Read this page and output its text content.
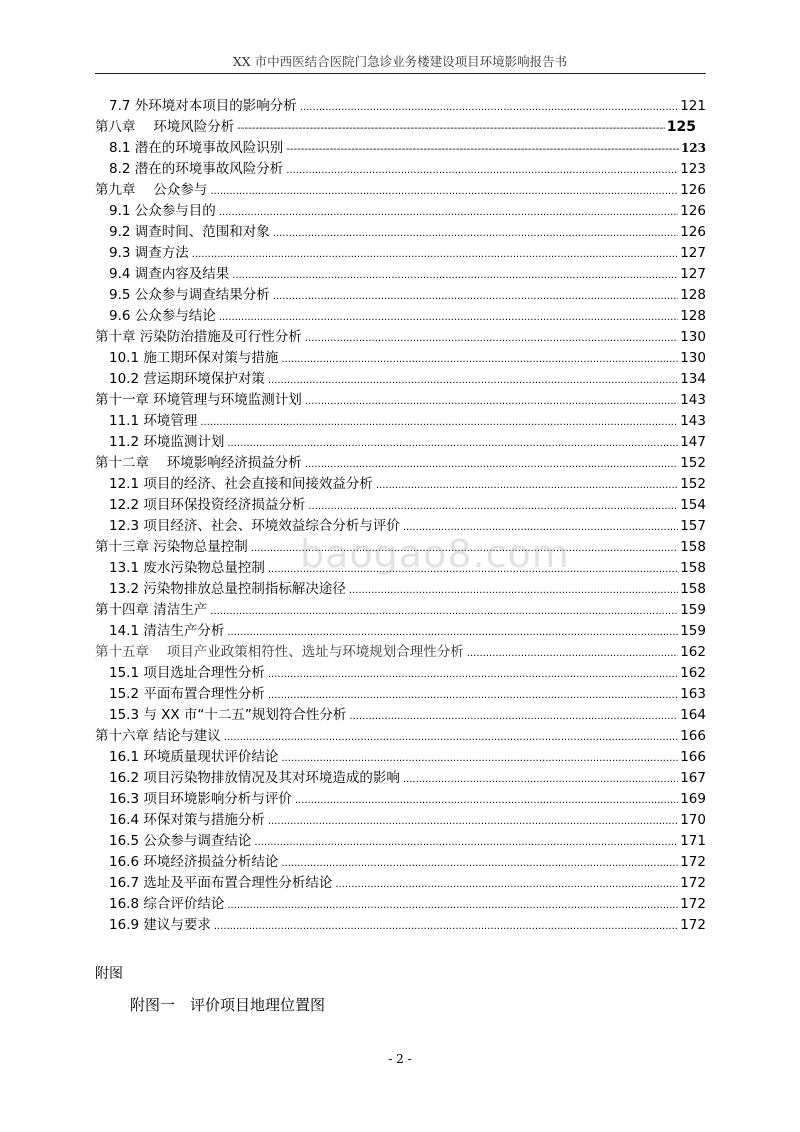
XX 市中西医结合医院门急诊业务楼建设项目环境影响报告书
7.7 外环境对本项目的影响分析 .....	121
第八章　 环境风险分析 -----	125
8.1 潜在的环境事故风险识别 -----	123
8.2 潜在的环境事故风险分析 .....	123
第九章　 公众参与 .....	126
9.1 公众参与目的 .....	126
9.2 调查时间、范围和对象 .....	126
9.3 调查方法 .....	127
9.4 调查内容及结果 .....	127
9.5 公众参与调查结果分析 .....	128
9.6 公众参与结论 .....	128
第十章 污染防治措施及可行性分析 .....	130
10.1 施工期环保对策与措施 .....	130
10.2 营运期环境保护对策 .....	134
第十一章 环境管理与环境监测计划 .....	143
11.1 环境管理 .....	143
11.2 环境监测计划 .....	147
第十二章　 环境影响经济损益分析 .....	152
12.1 项目的经济、社会直接和间接效益分析 .....	152
12.2 项目环保投资经济损益分析 .....	154
12.3 项目经济、社会、环境效益综合分析与评价 .....	157
第十三章 污染物总量控制 .....	158
13.1 废水污染物总量控制 .....	158
13.2 污染物排放总量控制指标解决途径 .....	158
第十四章 清洁生产 .....	159
14.1 清洁生产分析 .....	159
第十五章　 项目产业政策相符性、选址与环境规划合理性分析 .....	162
15.1 项目选址合理性分析 .....	162
15.2 平面布置合理性分析 .....	163
15.3 与 XX 市“十二五”规划符合性分析 .....	164
第十六章 结论与建议 .....	166
16.1 环境质量现状评价结论 .....	166
16.2 项目污染物排放情况及其对环境造成的影响 .....	167
16.3 项目环境影响分析与评价 .....	169
16.4 环保对策与措施分析 .....	170
16.5 公众参与调查结论 .....	171
16.6 环境经济损益分析结论 .....	172
16.7 选址及平面布置合理性分析结论 .....	172
16.8 综合评价结论 .....	172
16.9 建议与要求 .....	172
baogao8.com
附图
附图一　评价项目地理位置图
- 2 -
